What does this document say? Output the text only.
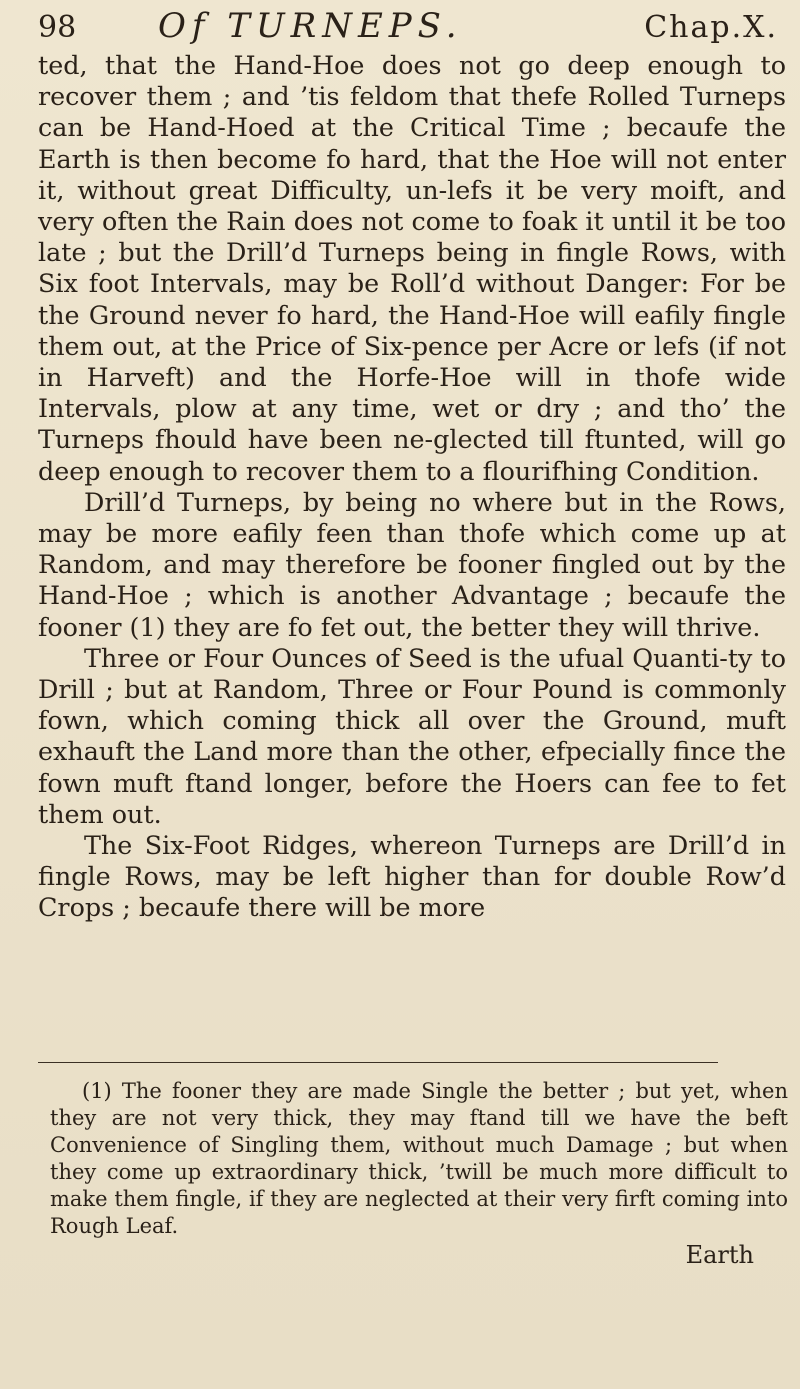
98	Of TURNEPS.	Chap.X.

ted, that the Hand-Hoe does not go deep enough to recover them ; and ’tis feldom that thefe Rolled Turneps can be Hand-Hoed at the Critical Time ; becaufe the Earth is then become fo hard, that the Hoe will not enter it, without great Difficulty, un-lefs it be very moift, and very often the Rain does not come to foak it until it be too late ; but the Drill’d Turneps being in fingle Rows, with Six foot Intervals, may be Roll’d without Danger: For be the Ground never fo hard, the Hand-Hoe will eafily fingle them out, at the Price of Six-pence per Acre or lefs (if not in Harveft) and the Horfe-Hoe will in thofe wide Intervals, plow at any time, wet or dry ; and tho’ the Turneps fhould have been ne-glected till ftunted, will go deep enough to recover them to a flourifhing Condition.

Drill’d Turneps, by being no where but in the Rows, may be more eafily feen than thofe which come up at Random, and may therefore be fooner fingled out by the Hand-Hoe ; which is another Advantage ; becaufe the fooner (1) they are fo fet out, the better they will thrive.

Three or Four Ounces of Seed is the ufual Quanti-ty to Drill ; but at Random, Three or Four Pound is commonly fown, which coming thick all over the Ground, muft exhauft the Land more than the other, efpecially fince the fown muft ftand longer, before the Hoers can fee to fet them out.

The Six-Foot Ridges, whereon Turneps are Drill’d in fingle Rows, may be left higher than for double Row’d Crops ; becaufe there will be more

(1) The fooner they are made Single the better ; but yet, when they are not very thick, they may ftand till we have the beft Convenience of Singling them, without much Damage ; but when they come up extraordinary thick, ’twill be much more difficult to make them fingle, if they are neglected at their very firft coming into Rough Leaf.

Earth
